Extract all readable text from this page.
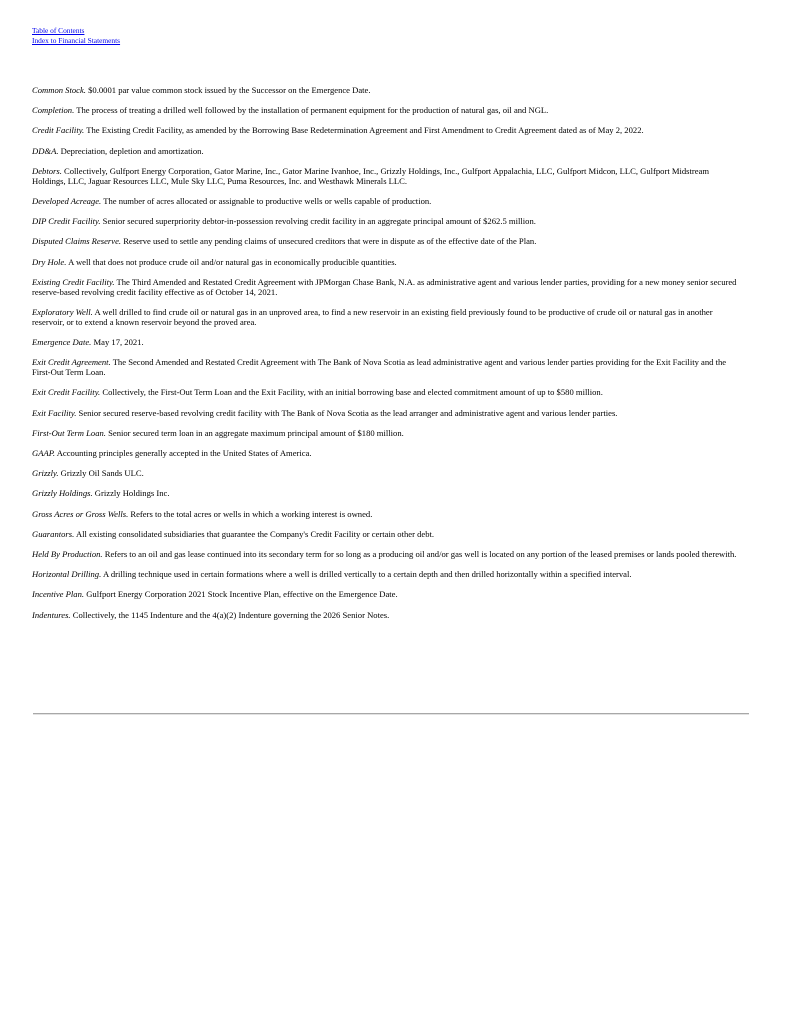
Table of Contents
Index to Financial Statements

Common Stock. $0.0001 par value common stock issued by the Successor on the Emergence Date.

Completion. The process of treating a drilled well followed by the installation of permanent equipment for the production of natural gas, oil and NGL.

Credit Facility. The Existing Credit Facility, as amended by the Borrowing Base Redetermination Agreement and First Amendment to Credit Agreement dated as of May 2, 2022.

DD&A. Depreciation, depletion and amortization.

Debtors. Collectively, Gulfport Energy Corporation, Gator Marine, Inc., Gator Marine Ivanhoe, Inc., Grizzly Holdings, Inc., Gulfport Appalachia, LLC, Gulfport Midcon, LLC, Gulfport Midstream Holdings, LLC, Jaguar Resources LLC, Mule Sky LLC, Puma Resources, Inc. and Westhawk Minerals LLC.

Developed Acreage. The number of acres allocated or assignable to productive wells or wells capable of production.

DIP Credit Facility. Senior secured superpriority debtor-in-possession revolving credit facility in an aggregate principal amount of $262.5 million.

Disputed Claims Reserve. Reserve used to settle any pending claims of unsecured creditors that were in dispute as of the effective date of the Plan.

Dry Hole. A well that does not produce crude oil and/or natural gas in economically producible quantities.

Existing Credit Facility. The Third Amended and Restated Credit Agreement with JPMorgan Chase Bank, N.A. as administrative agent and various lender parties, providing for a new money senior secured reserve-based revolving credit facility effective as of October 14, 2021.

Exploratory Well. A well drilled to find crude oil or natural gas in an unproved area, to find a new reservoir in an existing field previously found to be productive of crude oil or natural gas in another reservoir, or to extend a known reservoir beyond the proved area.

Emergence Date. May 17, 2021.

Exit Credit Agreement. The Second Amended and Restated Credit Agreement with The Bank of Nova Scotia as lead administrative agent and various lender parties providing for the Exit Facility and the First-Out Term Loan.

Exit Credit Facility. Collectively, the First-Out Term Loan and the Exit Facility, with an initial borrowing base and elected commitment amount of up to $580 million.

Exit Facility. Senior secured reserve-based revolving credit facility with The Bank of Nova Scotia as the lead arranger and administrative agent and various lender parties.

First-Out Term Loan. Senior secured term loan in an aggregate maximum principal amount of $180 million.

GAAP. Accounting principles generally accepted in the United States of America.

Grizzly. Grizzly Oil Sands ULC.

Grizzly Holdings. Grizzly Holdings Inc.

Gross Acres or Gross Wells. Refers to the total acres or wells in which a working interest is owned.

Guarantors. All existing consolidated subsidiaries that guarantee the Company's Credit Facility or certain other debt.

Held By Production. Refers to an oil and gas lease continued into its secondary term for so long as a producing oil and/or gas well is located on any portion of the leased premises or lands pooled therewith.

Horizontal Drilling. A drilling technique used in certain formations where a well is drilled vertically to a certain depth and then drilled horizontally within a specified interval.

Incentive Plan. Gulfport Energy Corporation 2021 Stock Incentive Plan, effective on the Emergence Date.

Indentures. Collectively, the 1145 Indenture and the 4(a)(2) Indenture governing the 2026 Senior Notes.
